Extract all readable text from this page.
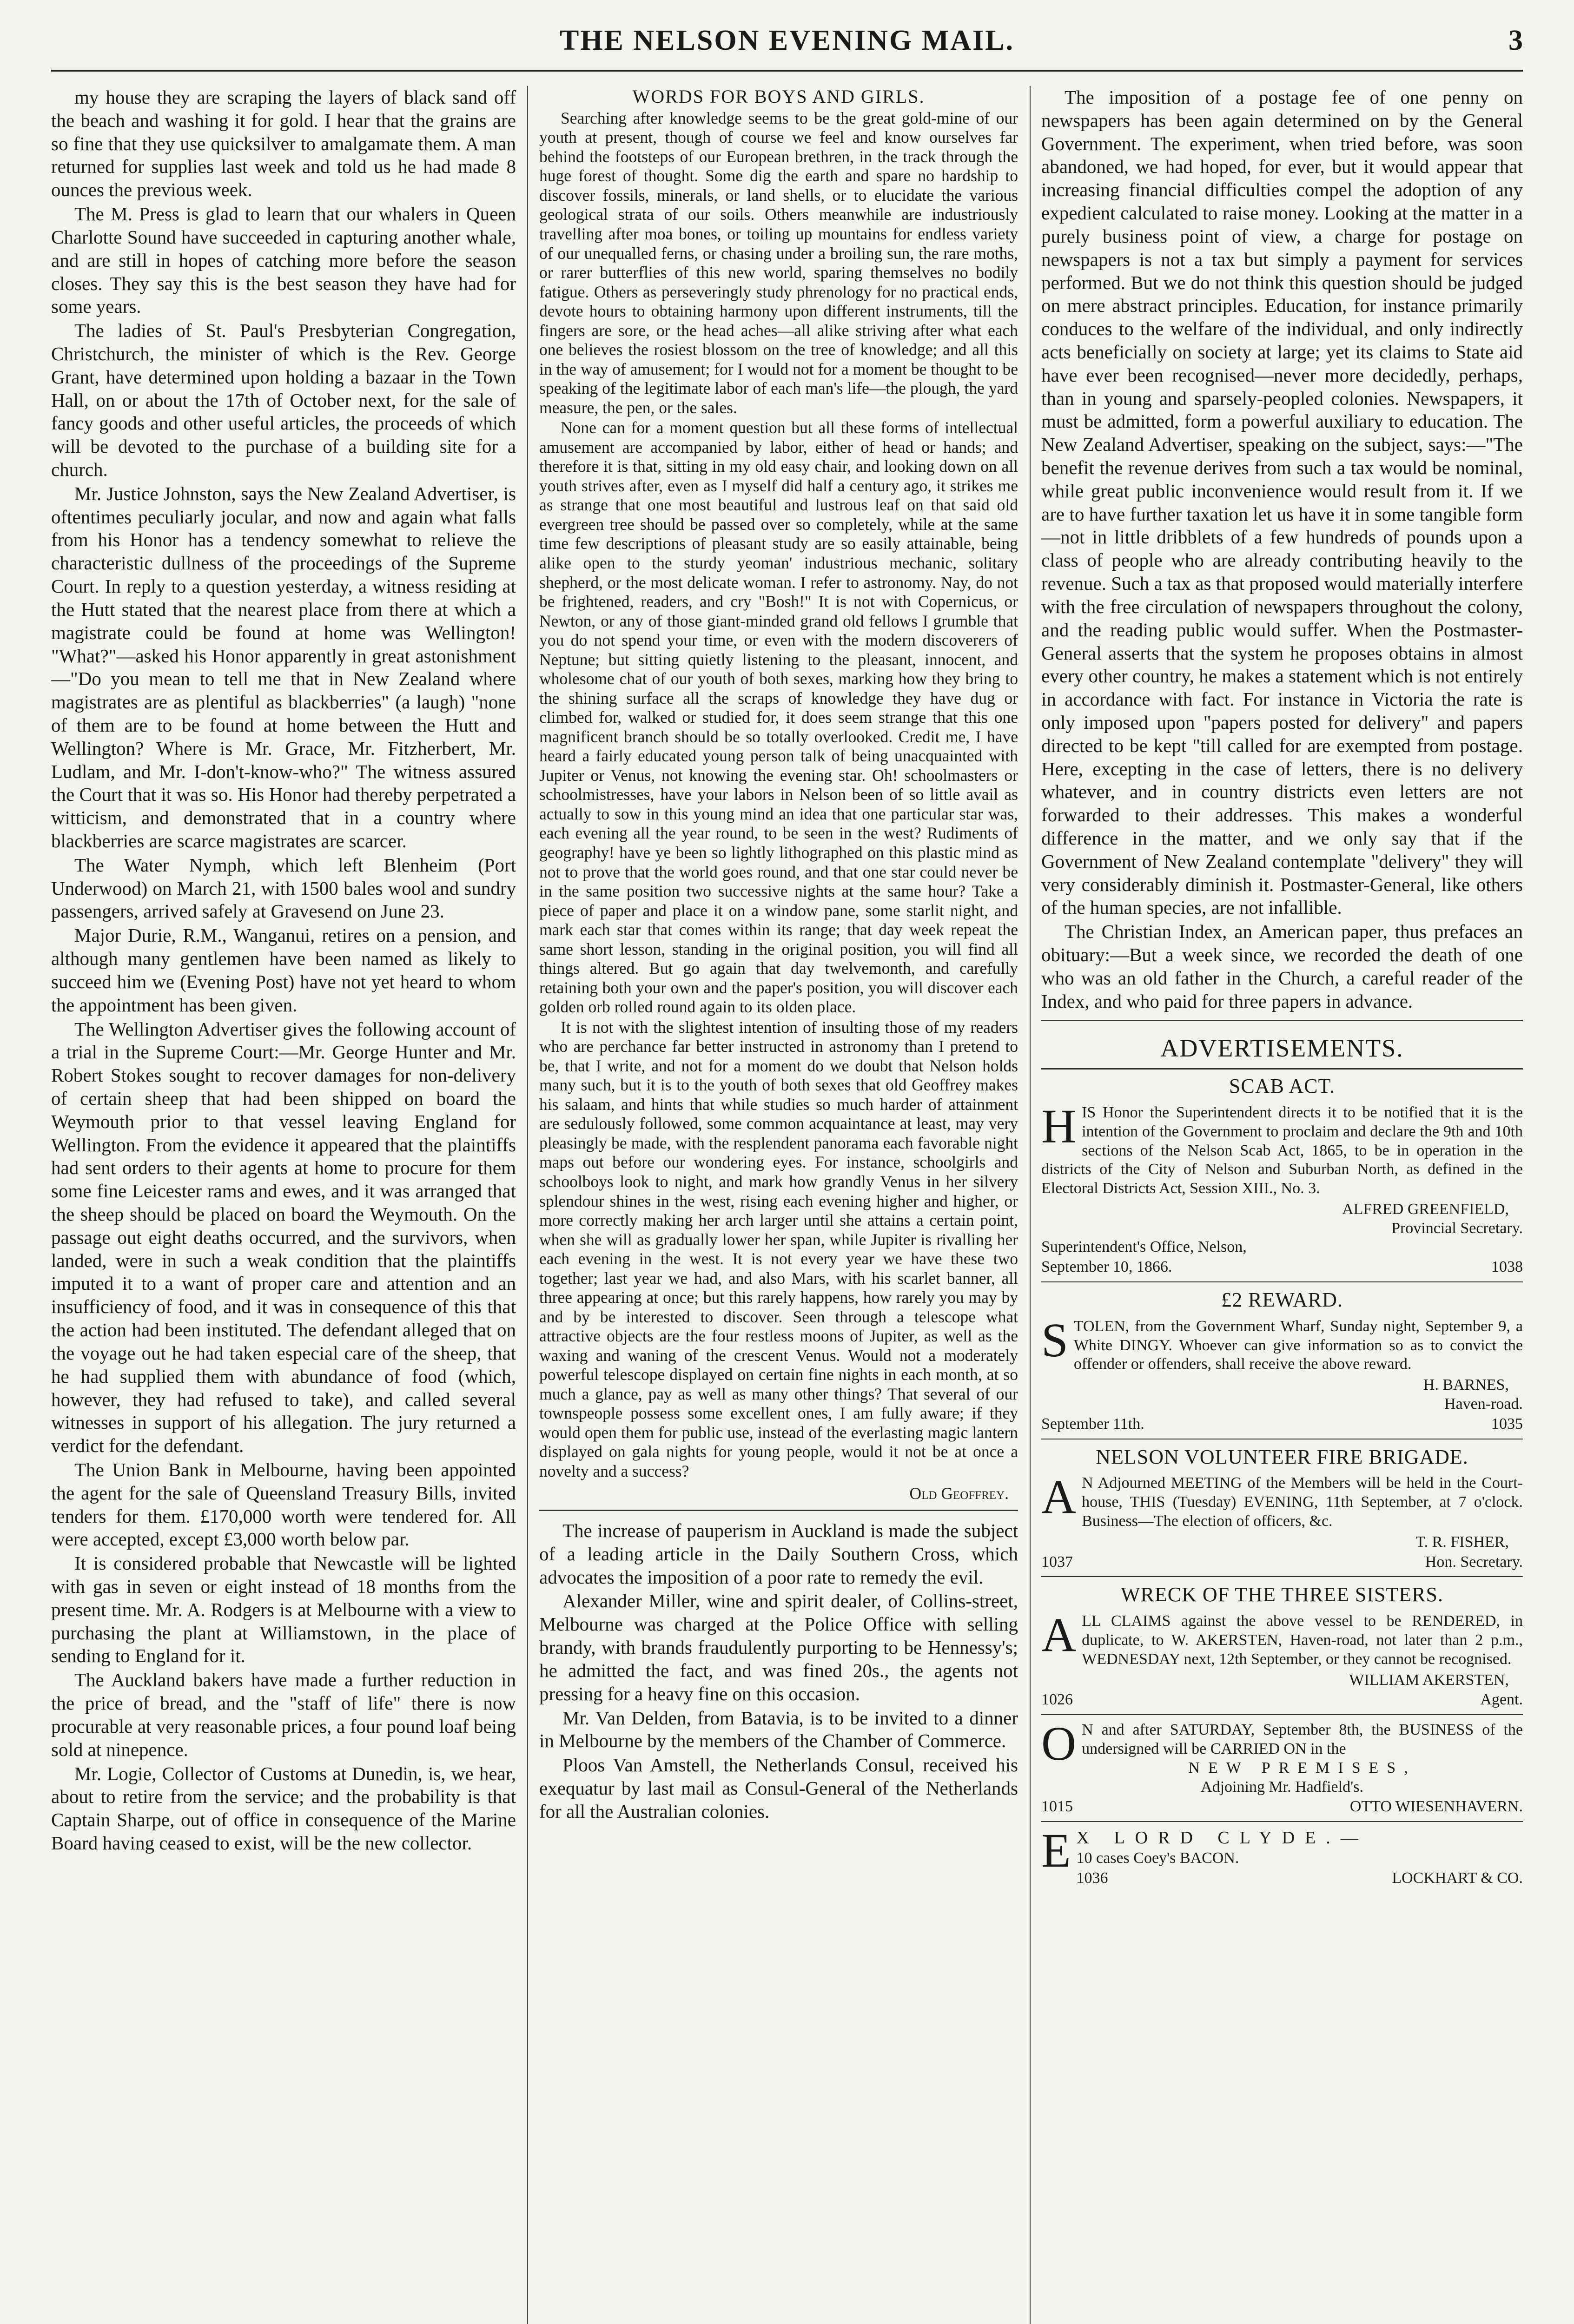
THE NELSON EVENING MAIL.	3

my house they are scraping the layers of black sand off the beach and washing it for gold. I hear that the grains are so fine that they use quicksilver to amalgamate them. A man returned for supplies last week and told us he had made 8 ounces the previous week.

The M. Press is glad to learn that our whalers in Queen Charlotte Sound have succeeded in capturing another whale, and are still in hopes of catching more before the season closes. They say this is the best season they have had for some years.

The ladies of St. Paul's Presbyterian Congregation, Christchurch, the minister of which is the Rev. George Grant, have determined upon holding a bazaar in the Town Hall, on or about the 17th of October next, for the sale of fancy goods and other useful articles, the proceeds of which will be devoted to the purchase of a building site for a church.

Mr. Justice Johnston, says the New Zealand Advertiser, is oftentimes peculiarly jocular, and now and again what falls from his Honor has a tendency somewhat to relieve the characteristic dullness of the proceedings of the Supreme Court. In reply to a question yesterday, a witness residing at the Hutt stated that the nearest place from there at which a magistrate could be found at home was Wellington! "What?"—asked his Honor apparently in great astonishment—"Do you mean to tell me that in New Zealand where magistrates are as plentiful as blackberries" (a laugh) "none of them are to be found at home between the Hutt and Wellington? Where is Mr. Grace, Mr. Fitzherbert, Mr. Ludlam, and Mr. I-don't-know-who?" The witness assured the Court that it was so. His Honor had thereby perpetrated a witticism, and demonstrated that in a country where blackberries are scarce magistrates are scarcer.

The Water Nymph, which left Blenheim (Port Underwood) on March 21, with 1500 bales wool and sundry passengers, arrived safely at Gravesend on June 23.

Major Durie, R.M., Wanganui, retires on a pension, and although many gentlemen have been named as likely to succeed him we (Evening Post) have not yet heard to whom the appointment has been given.

The Wellington Advertiser gives the following account of a trial in the Supreme Court:—Mr. George Hunter and Mr. Robert Stokes sought to recover damages for non-delivery of certain sheep that had been shipped on board the Weymouth prior to that vessel leaving England for Wellington. From the evidence it appeared that the plaintiffs had sent orders to their agents at home to procure for them some fine Leicester rams and ewes, and it was arranged that the sheep should be placed on board the Weymouth. On the passage out eight deaths occurred, and the survivors, when landed, were in such a weak condition that the plaintiffs imputed it to a want of proper care and attention and an insufficiency of food, and it was in consequence of this that the action had been instituted. The defendant alleged that on the voyage out he had taken especial care of the sheep, that he had supplied them with abundance of food (which, however, they had refused to take), and called several witnesses in support of his allegation. The jury returned a verdict for the defendant.

The Union Bank in Melbourne, having been appointed the agent for the sale of Queensland Treasury Bills, invited tenders for them. £170,000 worth were tendered for. All were accepted, except £3,000 worth below par.

It is considered probable that Newcastle will be lighted with gas in seven or eight instead of 18 months from the present time. Mr. A. Rodgers is at Melbourne with a view to purchasing the plant at Williamstown, in the place of sending to England for it.

The Auckland bakers have made a further reduction in the price of bread, and the "staff of life" there is now procurable at very reasonable prices, a four pound loaf being sold at ninepence.

Mr. Logie, Collector of Customs at Dunedin, is, we hear, about to retire from the service; and the probability is that Captain Sharpe, out of office in consequence of the Marine Board having ceased to exist, will be the new collector.

WORDS FOR BOYS AND GIRLS.

Searching after knowledge seems to be the great gold-mine of our youth at present, though of course we feel and know ourselves far behind the footsteps of our European brethren, in the track through the huge forest of thought. Some dig the earth and spare no hardship to discover fossils, minerals, or land shells, or to elucidate the various geological strata of our soils. Others meanwhile are industriously travelling after moa bones, or toiling up mountains for endless variety of our unequalled ferns, or chasing under a broiling sun, the rare moths, or rarer butterflies of this new world, sparing themselves no bodily fatigue. Others as perseveringly study phrenology for no practical ends, devote hours to obtaining harmony upon different instruments, till the fingers are sore, or the head aches—all alike striving after what each one believes the rosiest blossom on the tree of knowledge; and all this in the way of amusement; for I would not for a moment be thought to be speaking of the legitimate labor of each man's life—the plough, the yard measure, the pen, or the sales.

None can for a moment question but all these forms of intellectual amusement are accompanied by labor, either of head or hands; and therefore it is that, sitting in my old easy chair, and looking down on all youth strives after, even as I myself did half a century ago, it strikes me as strange that one most beautiful and lustrous leaf on that said old evergreen tree should be passed over so completely, while at the same time few descriptions of pleasant study are so easily attainable, being alike open to the sturdy yeoman' industrious mechanic, solitary shepherd, or the most delicate woman. I refer to astronomy. Nay, do not be frightened, readers, and cry "Bosh!" It is not with Copernicus, or Newton, or any of those giant-minded grand old fellows I grumble that you do not spend your time, or even with the modern discoverers of Neptune; but sitting quietly listening to the pleasant, innocent, and wholesome chat of our youth of both sexes, marking how they bring to the shining surface all the scraps of knowledge they have dug or climbed for, walked or studied for, it does seem strange that this one magnificent branch should be so totally overlooked. Credit me, I have heard a fairly educated young person talk of being unacquainted with Jupiter or Venus, not knowing the evening star. Oh! schoolmasters or schoolmistresses, have your labors in Nelson been of so little avail as actually to sow in this young mind an idea that one particular star was, each evening all the year round, to be seen in the west? Rudiments of geography! have ye been so lightly lithographed on this plastic mind as not to prove that the world goes round, and that one star could never be in the same position two successive nights at the same hour? Take a piece of paper and place it on a window pane, some starlit night, and mark each star that comes within its range; that day week repeat the same short lesson, standing in the original position, you will find all things altered. But go again that day twelvemonth, and carefully retaining both your own and the paper's position, you will discover each golden orb rolled round again to its olden place.

It is not with the slightest intention of insulting those of my readers who are perchance far better instructed in astronomy than I pretend to be, that I write, and not for a moment do we doubt that Nelson holds many such, but it is to the youth of both sexes that old Geoffrey makes his salaam, and hints that while studies so much harder of attainment are sedulously followed, some common acquaintance at least, may very pleasingly be made, with the resplendent panorama each favorable night maps out before our wondering eyes. For instance, schoolgirls and schoolboys look to night, and mark how grandly Venus in her silvery splendour shines in the west, rising each evening higher and higher, or more correctly making her arch larger until she attains a certain point, when she will as gradually lower her span, while Jupiter is rivalling her each evening in the west. It is not every year we have these two together; last year we had, and also Mars, with his scarlet banner, all three appearing at once; but this rarely happens, how rarely you may by and by be interested to discover. Seen through a telescope what attractive objects are the four restless moons of Jupiter, as well as the waxing and waning of the crescent Venus. Would not a moderately powerful telescope displayed on certain fine nights in each month, at so much a glance, pay as well as many other things? That several of our townspeople possess some excellent ones, I am fully aware; if they would open them for public use, instead of the everlasting magic lantern displayed on gala nights for young people, would it not be at once a novelty and a success?

Old Geoffrey.

The increase of pauperism in Auckland is made the subject of a leading article in the Daily Southern Cross, which advocates the imposition of a poor rate to remedy the evil.

Alexander Miller, wine and spirit dealer, of Collins-street, Melbourne was charged at the Police Office with selling brandy, with brands fraudulently purporting to be Hennessy's; he admitted the fact, and was fined 20s., the agents not pressing for a heavy fine on this occasion.

Mr. Van Delden, from Batavia, is to be invited to a dinner in Melbourne by the members of the Chamber of Commerce.

Ploos Van Amstell, the Netherlands Consul, received his exequatur by last mail as Consul-General of the Netherlands for all the Australian colonies.

The imposition of a postage fee of one penny on newspapers has been again determined on by the General Government. The experiment, when tried before, was soon abandoned, we had hoped, for ever, but it would appear that increasing financial difficulties compel the adoption of any expedient calculated to raise money. Looking at the matter in a purely business point of view, a charge for postage on newspapers is not a tax but simply a payment for services performed. But we do not think this question should be judged on mere abstract principles. Education, for instance primarily conduces to the welfare of the individual, and only indirectly acts beneficially on society at large; yet its claims to State aid have ever been recognised—never more decidedly, perhaps, than in young and sparsely-peopled colonies. Newspapers, it must be admitted, form a powerful auxiliary to education. The New Zealand Advertiser, speaking on the subject, says:—"The benefit the revenue derives from such a tax would be nominal, while great public inconvenience would result from it. If we are to have further taxation let us have it in some tangible form—not in little dribblets of a few hundreds of pounds upon a class of people who are already contributing heavily to the revenue. Such a tax as that proposed would materially interfere with the free circulation of newspapers throughout the colony, and the reading public would suffer. When the Postmaster-General asserts that the system he proposes obtains in almost every other country, he makes a statement which is not entirely in accordance with fact. For instance in Victoria the rate is only imposed upon "papers posted for delivery" and papers directed to be kept "till called for are exempted from postage. Here, excepting in the case of letters, there is no delivery whatever, and in country districts even letters are not forwarded to their addresses. This makes a wonderful difference in the matter, and we only say that if the Government of New Zealand contemplate "delivery" they will very considerably diminish it. Postmaster-General, like others of the human species, are not infallible.

The Christian Index, an American paper, thus prefaces an obituary:—But a week since, we recorded the death of one who was an old father in the Church, a careful reader of the Index, and who paid for three papers in advance.

ADVERTISEMENTS.
SCAB ACT.
H IS Honor the Superintendent directs it to be notified that it is the intention of the Government to proclaim and declare the 9th and 10th sections of the Nelson Scab Act, 1865, to be in operation in the districts of the City of Nelson and Suburban North, as defined in the Electoral Districts Act, Session XIII., No. 3.
ALFRED GREENFIELD,
Provincial Secretary.
Superintendent's Office, Nelson,
September 10, 1866.	1038
£2 REWARD.
S TOLEN, from the Government Wharf, Sunday night, September 9, a White DINGY. Whoever can give information so as to convict the offender or offenders, shall receive the above reward.
H. BARNES,
Haven-road.
September 11th.	1035
NELSON VOLUNTEER FIRE BRIGADE.
A N Adjourned MEETING of the Members will be held in the Court-house, THIS (Tuesday) EVENING, 11th September, at 7 o'clock. Business—The election of officers, &c.
T. R. FISHER,
1037	Hon. Secretary.
WRECK OF THE THREE SISTERS.
A LL CLAIMS against the above vessel to be RENDERED, in duplicate, to W. AKERSTEN, Haven-road, not later than 2 p.m., WEDNESDAY next, 12th September, or they cannot be recognised.
WILLIAM AKERSTEN,
1026	Agent.
O N and after SATURDAY, September 8th, the BUSINESS of the undersigned will be CARRIED ON in the
NEW PREMISES,
Adjoining Mr. Hadfield's.
1015	OTTO WIESENHAVERN.
E X LORD CLYDE.—
10 cases Coey's BACON.
1036	LOCKHART & CO.
